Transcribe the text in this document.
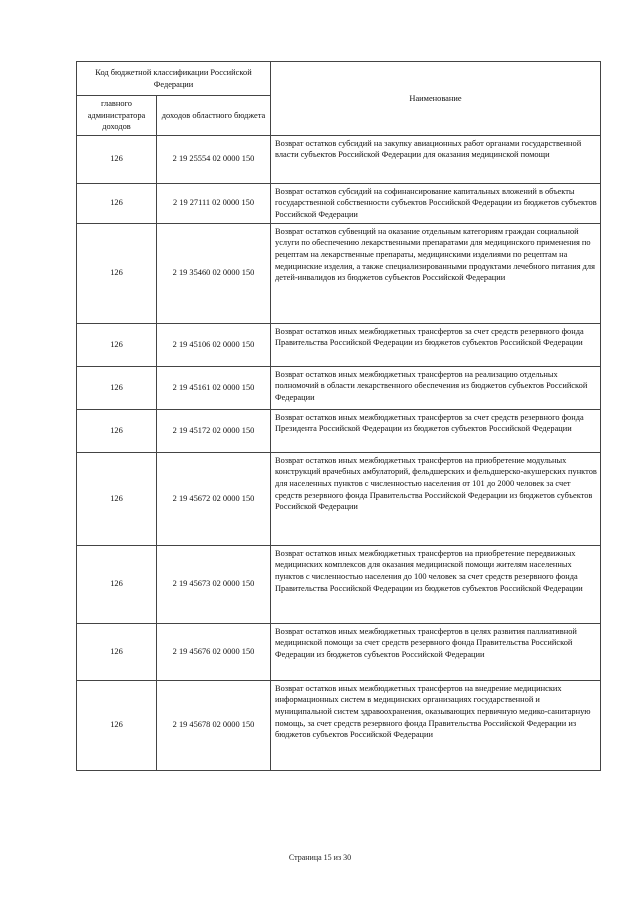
Код бюджетной классификации Российской Федерации		Наименование
главного администратора доходов	доходов областного бюджета	
126	2 19 25554 02 0000 150	Возврат остатков субсидий на закупку авиационных работ органами государственной власти субъектов Российской Федерации для оказания медицинской помощи
126	2 19 27111 02 0000 150	Возврат остатков субсидий на софинансирование капитальных вложений в объекты государственной собственности субъектов Российской Федерации из бюджетов субъектов Российской Федерации
126	2 19 35460 02 0000 150	Возврат остатков субвенций на оказание отдельным категориям граждан социальной услуги по обеспечению лекарственными препаратами для медицинского применения по рецептам на лекарственные препараты, медицинскими изделиями по рецептам на медицинские изделия, а также специализированными продуктами лечебного питания для детей-инвалидов из бюджетов субъектов Российской Федерации
126	2 19 45106 02 0000 150	Возврат остатков иных межбюджетных трансфертов за счет средств резервного фонда Правительства Российской Федерации из бюджетов субъектов Российской Федерации
126	2 19 45161 02 0000 150	Возврат остатков иных межбюджетных трансфертов на реализацию отдельных полномочий в области лекарственного обеспечения из бюджетов субъектов Российской Федерации
126	2 19 45172 02 0000 150	Возврат остатков иных межбюджетных трансфертов за счет средств резервного фонда Президента Российской Федерации из бюджетов субъектов Российской Федерации
126	2 19 45672 02 0000 150	Возврат остатков иных межбюджетных трансфертов на приобретение модульных конструкций врачебных амбулаторий, фельдшерских и фельдшерско-акушерских пунктов для населенных пунктов с численностью населения от 101 до 2000 человек за счет средств резервного фонда Правительства Российской Федерации из бюджетов субъектов Российской Федерации
126	2 19 45673 02 0000 150	Возврат остатков иных межбюджетных трансфертов на приобретение передвижных медицинских комплексов для оказания медицинской помощи жителям населенных пунктов с численностью населения до 100 человек за счет средств резервного фонда Правительства Российской Федерации из бюджетов субъектов Российской Федерации
126	2 19 45676 02 0000 150	Возврат остатков иных межбюджетных трансфертов в целях развития паллиативной медицинской помощи за счет средств резервного фонда Правительства Российской Федерации из бюджетов субъектов Российской Федерации
126	2 19 45678 02 0000 150	Возврат остатков иных межбюджетных трансфертов на внедрение медицинских информационных систем в медицинских организациях государственной и муниципальной систем здравоохранения, оказывающих первичную медико-санитарную помощь, за счет средств резервного фонда Правительства Российской Федерации из бюджетов субъектов Российской Федерации
Страница 15 из 30
